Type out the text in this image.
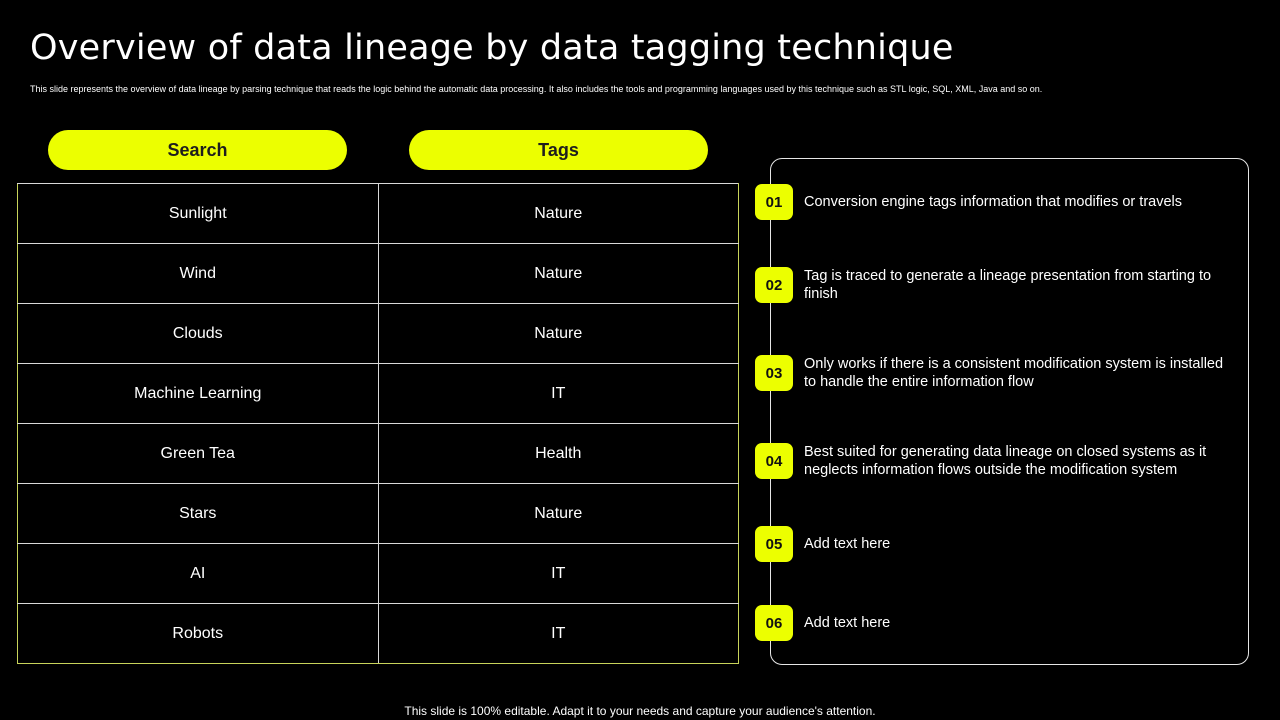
Overview of data lineage by data tagging technique
This slide represents the overview of data lineage by parsing technique that reads the logic behind the automatic data processing. It also includes the tools and programming languages used by this technique such as STL logic, SQL, XML, Java and so on.
Search	Tags
Sunlight	Nature
Wind	Nature
Clouds	Nature
Machine Learning	IT
Green Tea	Health
Stars	Nature
AI	IT
Robots	IT
01	Conversion engine tags information that modifies or travels
02
Tag is traced to generate a lineage presentation from starting to finish
03
Only works if there is a consistent modification system is installed to handle the entire information flow
04
Best suited for generating data lineage on closed systems as it neglects information flows outside the modification system
05	Add text here
06	Add text here
This slide is 100% editable. Adapt it to your needs and capture your audience's attention.
